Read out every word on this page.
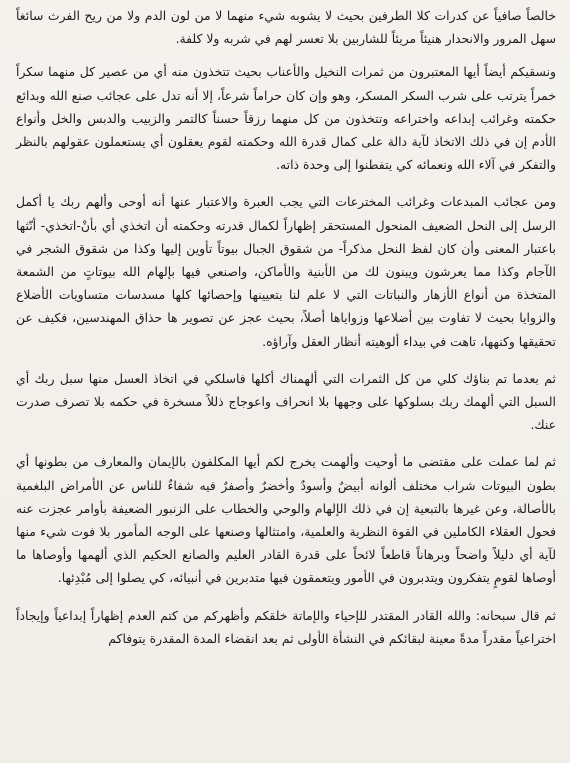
خالصاً صافياً عن كدرات كلا الطرفين بحيث لا يشوبه شيء منهما لا من لون الدم ولا من ريح الفرث سائغاً سهل المرور والانحدار هنيئاً مريئاً للشاربين بلا تعسر لهم في شربه ولا كلفة.

ونسقيكم أيضاً أيها المعتبرون من ثمرات النخيل والأعناب بحيث تتخذون منه أي من عصير كل منهما سكراً خمراً يترتب على شرب السكر المسكر، وهو وإن كان حراماً شرعاً، إلا أنه تدل على عجائب صنع الله وبدائع حكمته وغرائب إبداعه واختراعه وتتخذون من كل منهما رزقاً حسناً كالتمر والزبيب والدبس والخل وأنواع الأدم إن في ذلك الاتخاذ لآية دالة على كمال قدرة الله وحكمته لقوم يعقلون أي يستعملون عقولهم بالنظر والتفكر في آلاء الله ونعمائه كي يتفطنوا إلى وحدة ذاته.

ومن عجائب المبدعات وغرائب المخترعات التي يجب العبرة والاعتبار عنها أنه أوحى وألهم ربك يا أكمل الرسل إلى النحل الضعيف المنحول المستحقر إظهاراً لكمال قدرته وحكمته أن اتخذي أي بأنْ-اتخذي- أنّثها باعتبار المعنى وأن كان لفظ النحل مذكراً- من شقوق الجبال بيوتاً تأوين إليها وكذا من شقوق الشجر في الآجام وكذا مما يعرشون ويبنون لك من الأبنية والأماكن، واصنعي فيها بإلهام الله بيوتاتٍ من الشمعة المتخذة من أنواع الأزهار والنباتات التي لا علم لنا بتعيينها وإحصائها كلها مسدسات متساويات الأضلاع والزوايا بحيث لا تفاوت بين أضلاعها وزواياها أصلاً، بحيث عجز عن تصوير ها حذاق المهندسين، فكيف عن تحقيقها وكنهها، تاهت في بيداء ألوهيته أنظار العقل وآراؤه.

ثم بعدما تم بناؤك كلي من كل الثمرات التي ألهمناك أكلها فاسلكي في اتخاذ العسل منها سبل ربك أي السبل التي ألهمك ربك بسلوكها على وجهها بلا انحراف واعوجاج ذللاً مسخرة في حكمه بلا تصرف صدرت عنك.

ثم لما عملت على مقتضى ما أوحيت وألهمت يخرج لكم أيها المكلفون بالإيمان والمعارف من بطونها أي بطون البيوتات شراب مختلف ألوانه أبيضٌ وأسودٌ وأخضرٌ وأصفرٌ فيه شفاءٌ للناس عن الأمراض البلغمية بالأصالة، وعن غيرها بالتبعية إن في ذلك الإلهام والوحي والخطاب على الزنبور الضعيفة بأوامر عجزت عنه فحول العقلاء الكاملين في القوة النظرية والعلمية، وامتثالها وصنعها على الوجه المأمور بلا فوت شيء منها لآية أي دليلاً واضحاً وبرهاناً قاطعاً لائحاً على قدرة القادر العليم والصانع الحكيم الذي ألهمها وأوصاها ما أوصاها لقومٍ يتفكرون ويتدبرون في الأمور ويتعمقون فيها متدبرين في أنبيائه، كي يصلوا إلى مُبْدِئها.

ثم قال سبحانه: والله القادر المقتدر للإحياء والإماتة خلقكم وأظهركم من كتم العدم إظهاراً إبداعياً وإيجاداً اختراعياً مقدراً مدةً معينة لبقائكم في النشأة الأولى ثم بعد انقضاء المدة المقدرة يتوفاكم
